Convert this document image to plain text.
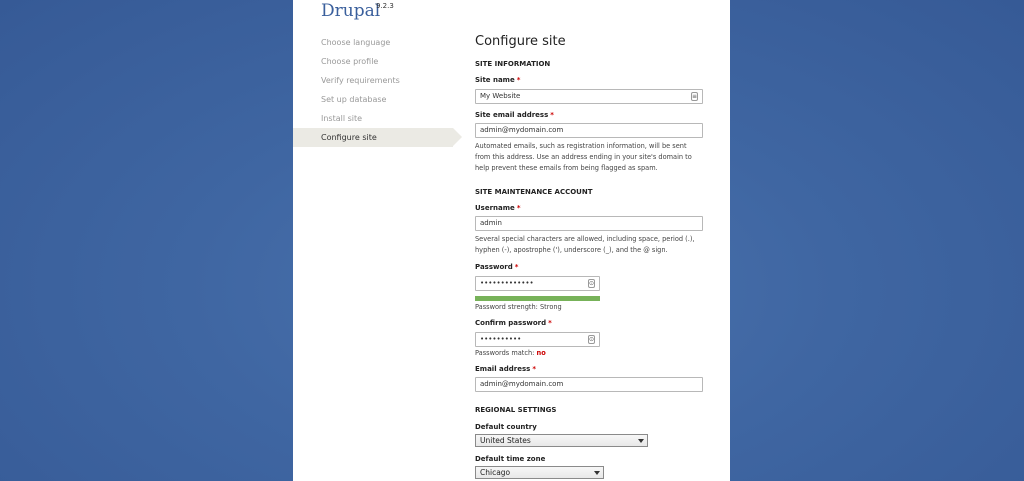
Drupal
9.2.3
Choose language
Choose profile
Verify requirements
Set up database
Install site
Configure site
Configure site
SITE INFORMATION
Site name *
My Website	≡
Site email address *
admin@mydomain.com
Automated emails, such as registration information, will be sent
from this address. Use an address ending in your site's domain to
help prevent these emails from being flagged as spam.
SITE MAINTENANCE ACCOUNT
Username *
admin
Several special characters are allowed, including space, period (.),
hyphen (-), apostrophe ('), underscore (_), and the @ sign.
Password *
•••••••••••••	⊙
Password strength: Strong
Confirm password *
••••••••••	⊙
Passwords match: no
Email address *
admin@mydomain.com
REGIONAL SETTINGS
Default country
United States
Default time zone
Chicago
